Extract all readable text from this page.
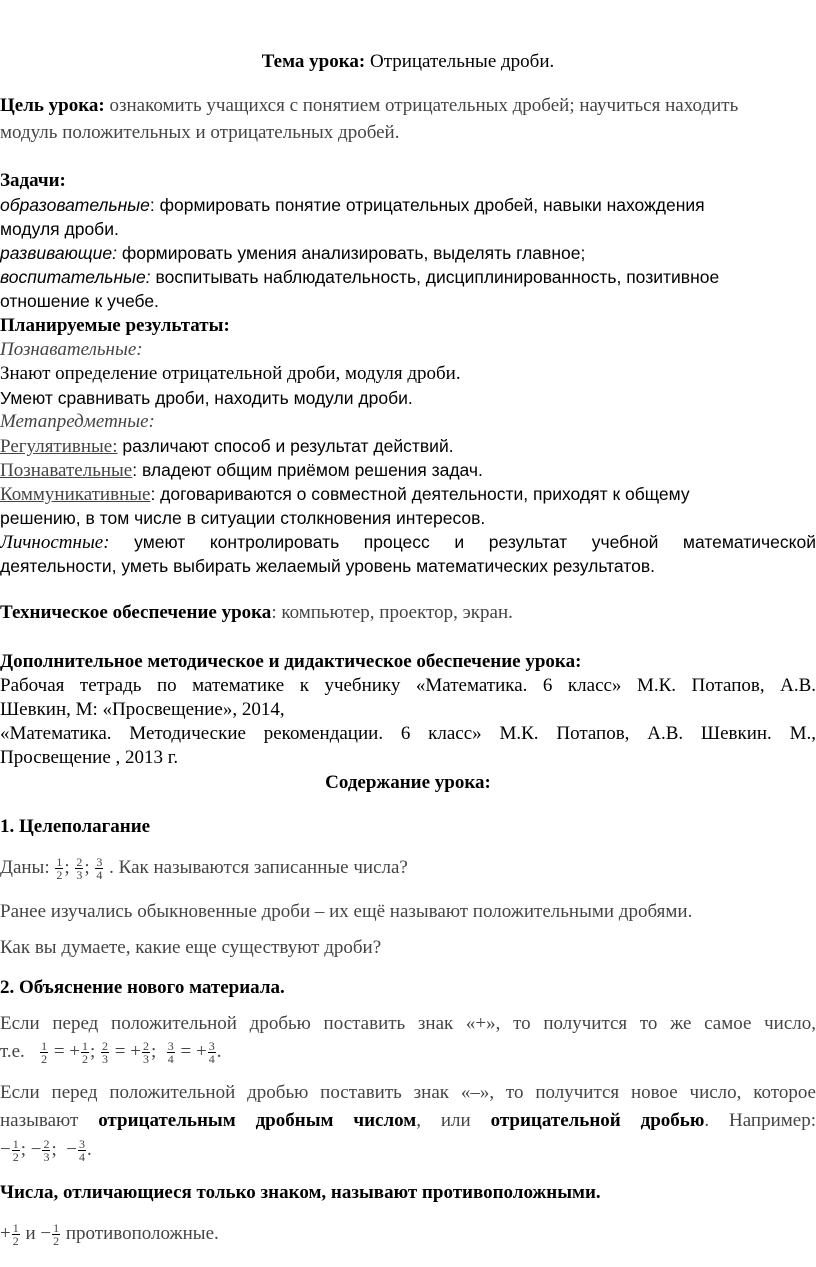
Тема урока: Отрицательные дроби.
Цель урока: ознакомить учащихся с понятием отрицательных дробей; научиться находить
модуль положительных и отрицательных дробей.
Задачи:
образовательные: формировать понятие отрицательных дробей, навыки нахождения
модуля дроби.
развивающие: формировать умения анализировать, выделять главное;
воспитательные: воспитывать наблюдательность, дисциплинированность, позитивное
отношение к учебе.
Планируемые результаты:
Познавательные:
Знают определение отрицательной дроби, модуля дроби.
Умеют сравнивать дроби, находить модули дроби.
Метапредметные:
Регулятивные: различают способ и результат действий.
Познавательные: владеют общим приёмом решения задач.
Коммуникативные: договариваются о совместной деятельности, приходят к общему
решению, в том числе в ситуации столкновения интересов.
Личностные: умеют контролировать процесс и результат учебной математической
деятельности, уметь выбирать желаемый уровень математических результатов.
Техническое обеспечение урока: компьютер, проектор, экран.
Дополнительное методическое и дидактическое обеспечение урока:
Рабочая тетрадь по математике к учебнику «Математика. 6 класс» М.К. Потапов, А.В.
Шевкин, М: «Просвещение», 2014,
«Математика. Методические рекомендации. 6 класс» М.К. Потапов, А.В. Шевкин. М.,
Просвещение , 2013 г.
Содержание урока:
1. Целеполагание
Даны: $\frac{1}{2}$ ; $\frac{2}{3}$ ; $\frac{3}{4}$ . Как называются записанные числа?
Ранее изучались обыкновенные дроби – их ещё называют положительными дробями.
Как вы думаете, какие еще существуют дроби?
2. Объяснение нового материала.
Если перед положительной дробью поставить знак «+», то получится то же самое число,
т.е. $\frac{1}{2}$ = + $\frac{1}{2}$ ; $\frac{2}{3}$ = + $\frac{2}{3}$ ; $\frac{3}{4}$ = + $\frac{3}{4}$ .
Если перед положительной дробью поставить знак «–», то получится новое число, которое
называют отрицательным дробным числом, или отрицательной дробью. Например:
− $\frac{1}{2}$ ; − $\frac{2}{3}$ ;  − $\frac{3}{4}$ .
Числа, отличающиеся только знаком, называют противоположными.
+ $\frac{1}{2}$ $и - \frac{1}{2}$ противоположные.
